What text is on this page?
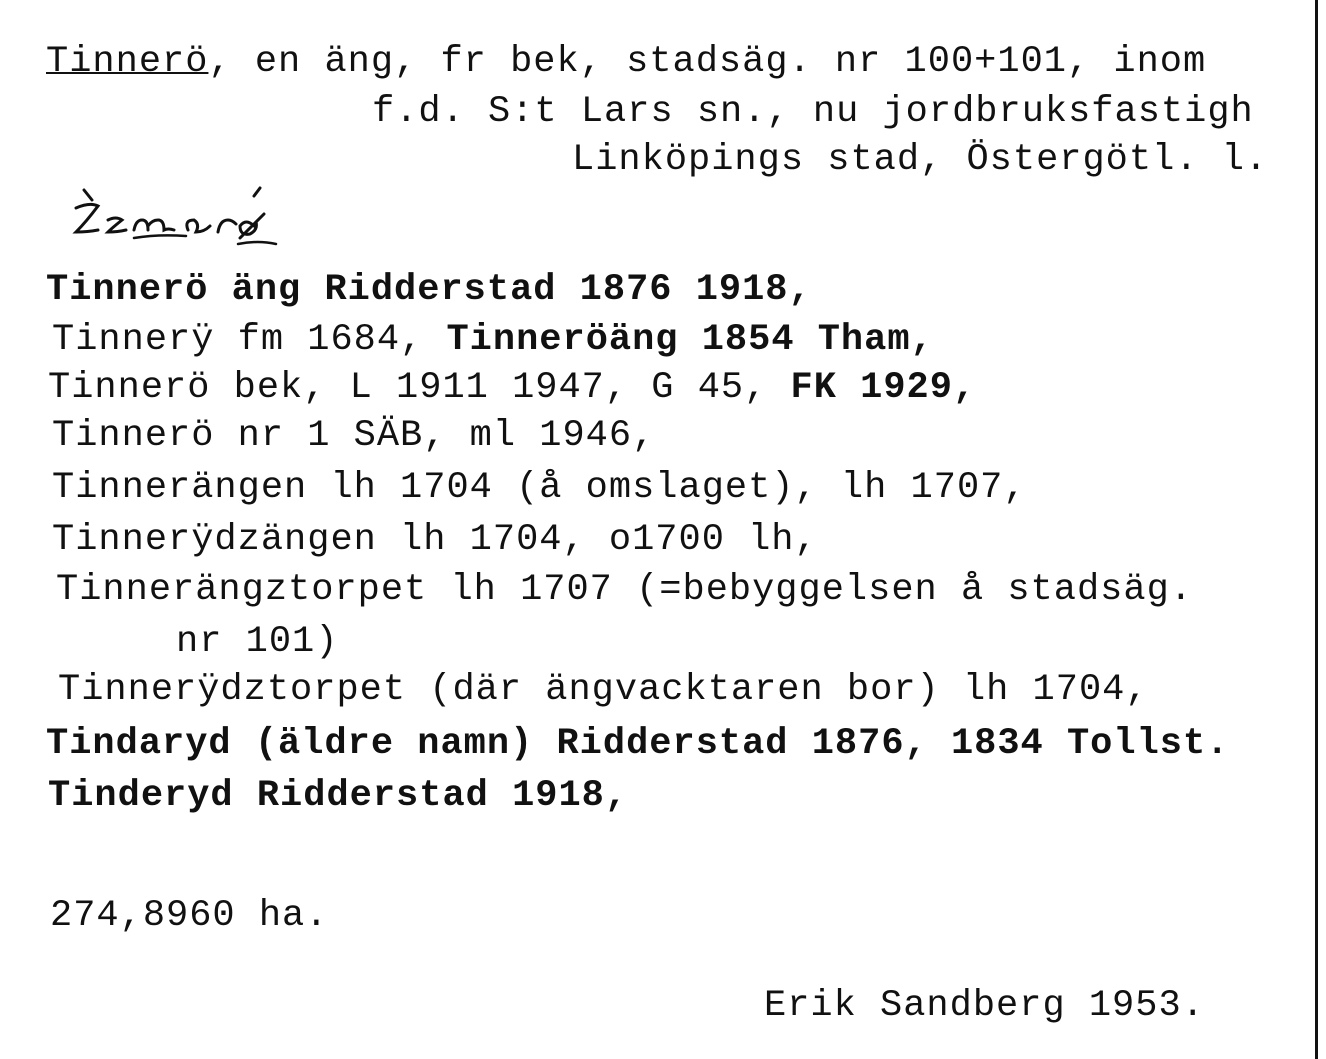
Tinnerö, en äng, fr bek, stadsäg. nr 100+101, inom
f.d. S:t Lars sn., nu jordbruksfastigh
Linköpings stad, Östergötl. l.
Tinnerö äng Ridderstad 1876 1918,
Tinnerÿ fm 1684, Tinneröäng 1854 Tham,
Tinnerö bek, L 1911 1947, G 45, FK 1929,
Tinnerö nr 1 SÄB, ml 1946,
Tinnerängen lh 1704 (å omslaget), lh 1707,
Tinnerÿdzängen lh 1704, o1700 lh,
Tinnerängztorpet lh 1707 (=bebyggelsen å stadsäg.
nr 101)
Tinnerÿdztorpet (där ängvacktaren bor) lh 1704,
Tindaryd (äldre namn) Ridderstad 1876, 1834 Tollst.
Tinderyd Ridderstad 1918,
274,8960 ha.
Erik Sandberg 1953.
